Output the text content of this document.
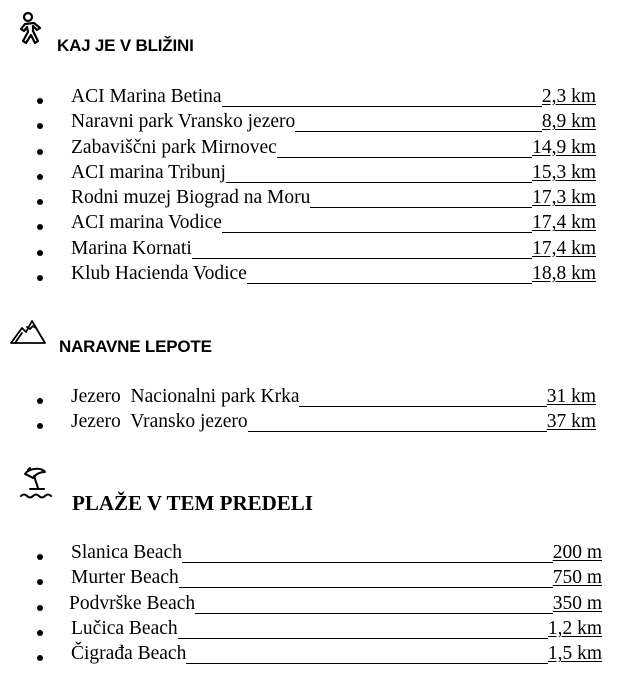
KAJ JE V BLIŽINI
ACI Marina Betina	2,3 km
Naravni park Vransko jezero	8,9 km
Zabaviščni park Mirnovec	14,9 km
ACI marina Tribunj	15,3 km
Rodni muzej Biograd na Moru	17,3 km
ACI marina Vodice	17,4 km
Marina Kornati	17,4 km
Klub Hacienda Vodice	18,8 km
NARAVNE LEPOTE
Jezero  Nacionalni park Krka	31 km
Jezero  Vransko jezero	37 km
PLAŽE V TEM PREDELI
Slanica Beach	200 m
Murter Beach	750 m
Podvrške Beach	350 m
Lučica Beach	1,2 km
Čigrađa Beach	1,5 km
